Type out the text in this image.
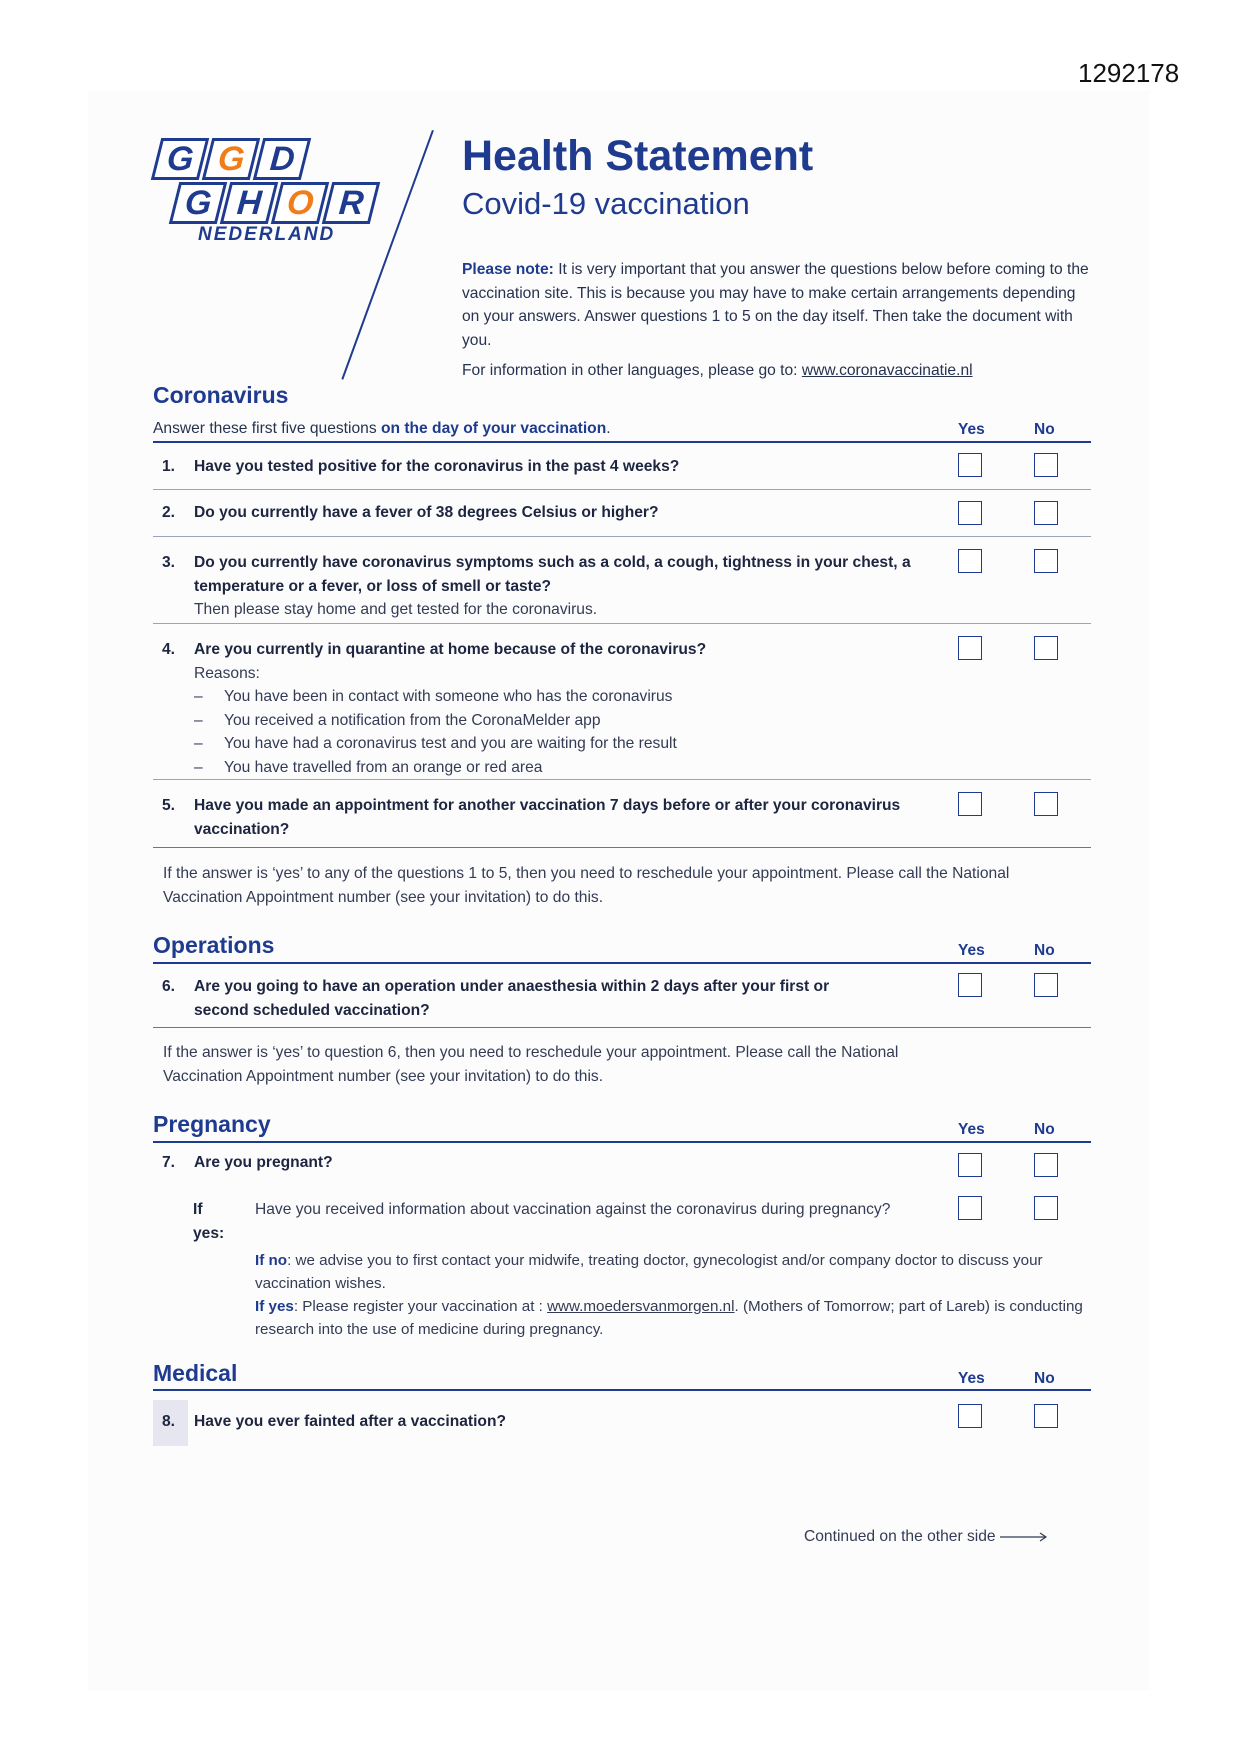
1292178
G G D
G H O R
NEDERLAND
Health Statement
Covid-19 vaccination
Please note: It is very important that you answer the questions below before coming to the vaccination site. This is because you may have to make certain arrangements depending on your answers. Answer questions 1 to 5 on the day itself. Then take the document with you.
For information in other languages, please go to: www.coronavaccinatie.nl
Coronavirus
Answer these first five questions on the day of your vaccination.	Yes	No
1. Have you tested positive for the coronavirus in the past 4 weeks?
2. Do you currently have a fever of 38 degrees Celsius or higher?
3. Do you currently have coronavirus symptoms such as a cold, a cough, tightness in your chest, a temperature or a fever, or loss of smell or taste?
Then please stay home and get tested for the coronavirus.
4. Are you currently in quarantine at home because of the coronavirus?
Reasons:
– You have been in contact with someone who has the coronavirus
– You received a notification from the CoronaMelder app
– You have had a coronavirus test and you are waiting for the result
– You have travelled from an orange or red area
5. Have you made an appointment for another vaccination 7 days before or after your coronavirus vaccination?
If the answer is ‘yes’ to any of the questions 1 to 5, then you need to reschedule your appointment. Please call the National Vaccination Appointment number (see your invitation) to do this.
Operations	Yes	No
6. Are you going to have an operation under anaesthesia within 2 days after your first or second scheduled vaccination?
If the answer is ‘yes’ to question 6, then you need to reschedule your appointment. Please call the National Vaccination Appointment number (see your invitation) to do this.
Pregnancy	Yes	No
7. Are you pregnant?
If yes:
Have you received information about vaccination against the coronavirus during pregnancy?
If no: we advise you to first contact your midwife, treating doctor, gynecologist and/or company doctor to discuss your vaccination wishes.
If yes: Please register your vaccination at : www.moedersvanmorgen.nl. (Mothers of Tomorrow; part of Lareb) is conducting research into the use of medicine during pregnancy.
Medical	Yes	No
8. Have you ever fainted after a vaccination?
Continued on the other side
